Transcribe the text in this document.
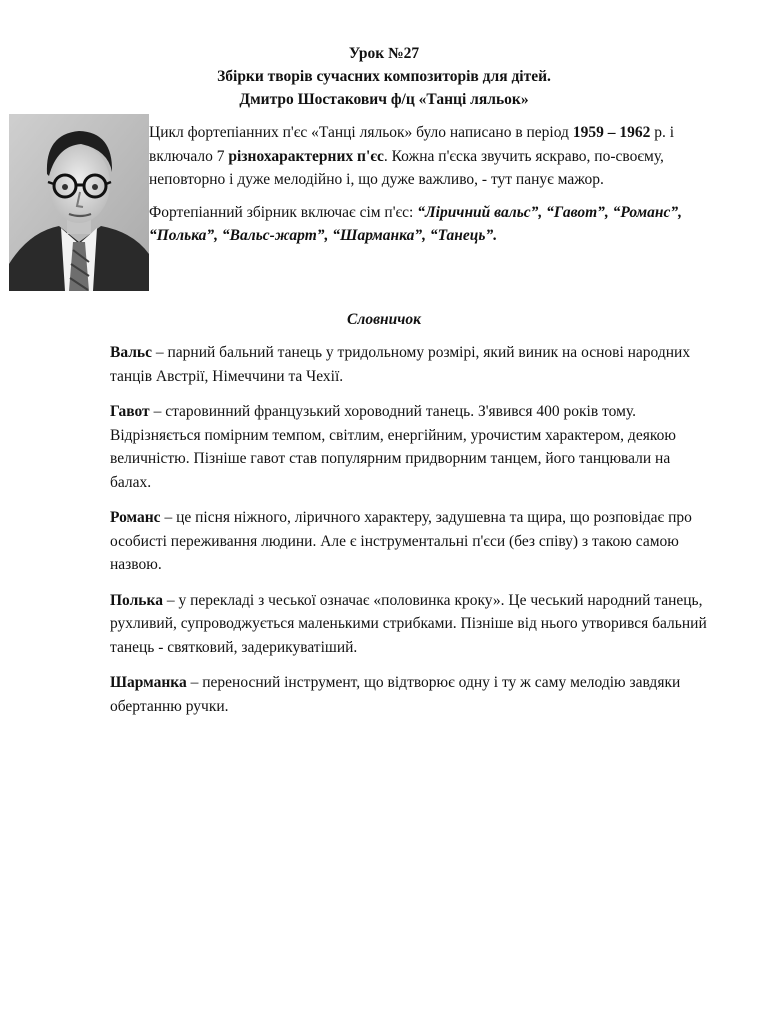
Урок №27
Збірки творів сучасних композиторів для дітей.
Дмитро Шостакович ф/ц «Танці ляльок»

Цикл фортепіанних п'єс «Танці ляльок» було написано в період 1959 – 1962 р. і включало 7 різнохарактерних п'єс. Кожна п'єска звучить яскраво, по-своєму, неповторно і дуже мелодійно і, що дуже важливо, - тут панує мажор.

Фортепіанний збірник включає сім п'єс: “Ліричний вальс”, “Гавот”, “Романс”, “Полька”, “Вальс-жарт”, “Шарманка”, “Танець”.

Словничок

Вальс – парний бальний танець у тридольному розмірі, який виник на основі народних танців Австрії, Німеччини та Чехії.

Гавот – старовинний французький хороводний танець. З'явився 400 років тому. Відрізняється помірним темпом, світлим, енергійним, урочистим характером, деякою величністю. Пізніше гавот став популярним придворним танцем, його танцювали на балах.

Романс – це пісня ніжного, ліричного характеру, задушевна та щира, що розповідає про особисті переживання людини. Але є інструментальні п'єси (без співу) з такою самою назвою.

Полька – у перекладі з чеської означає «половинка кроку». Це чеський народний танець, рухливий, супроводжується маленькими стрибками. Пізніше від нього утворився бальний танець - святковий, задерикуватіший.

Шарманка – переносний інструмент, що відтворює одну і ту ж саму мелодію завдяки обертанню ручки.
